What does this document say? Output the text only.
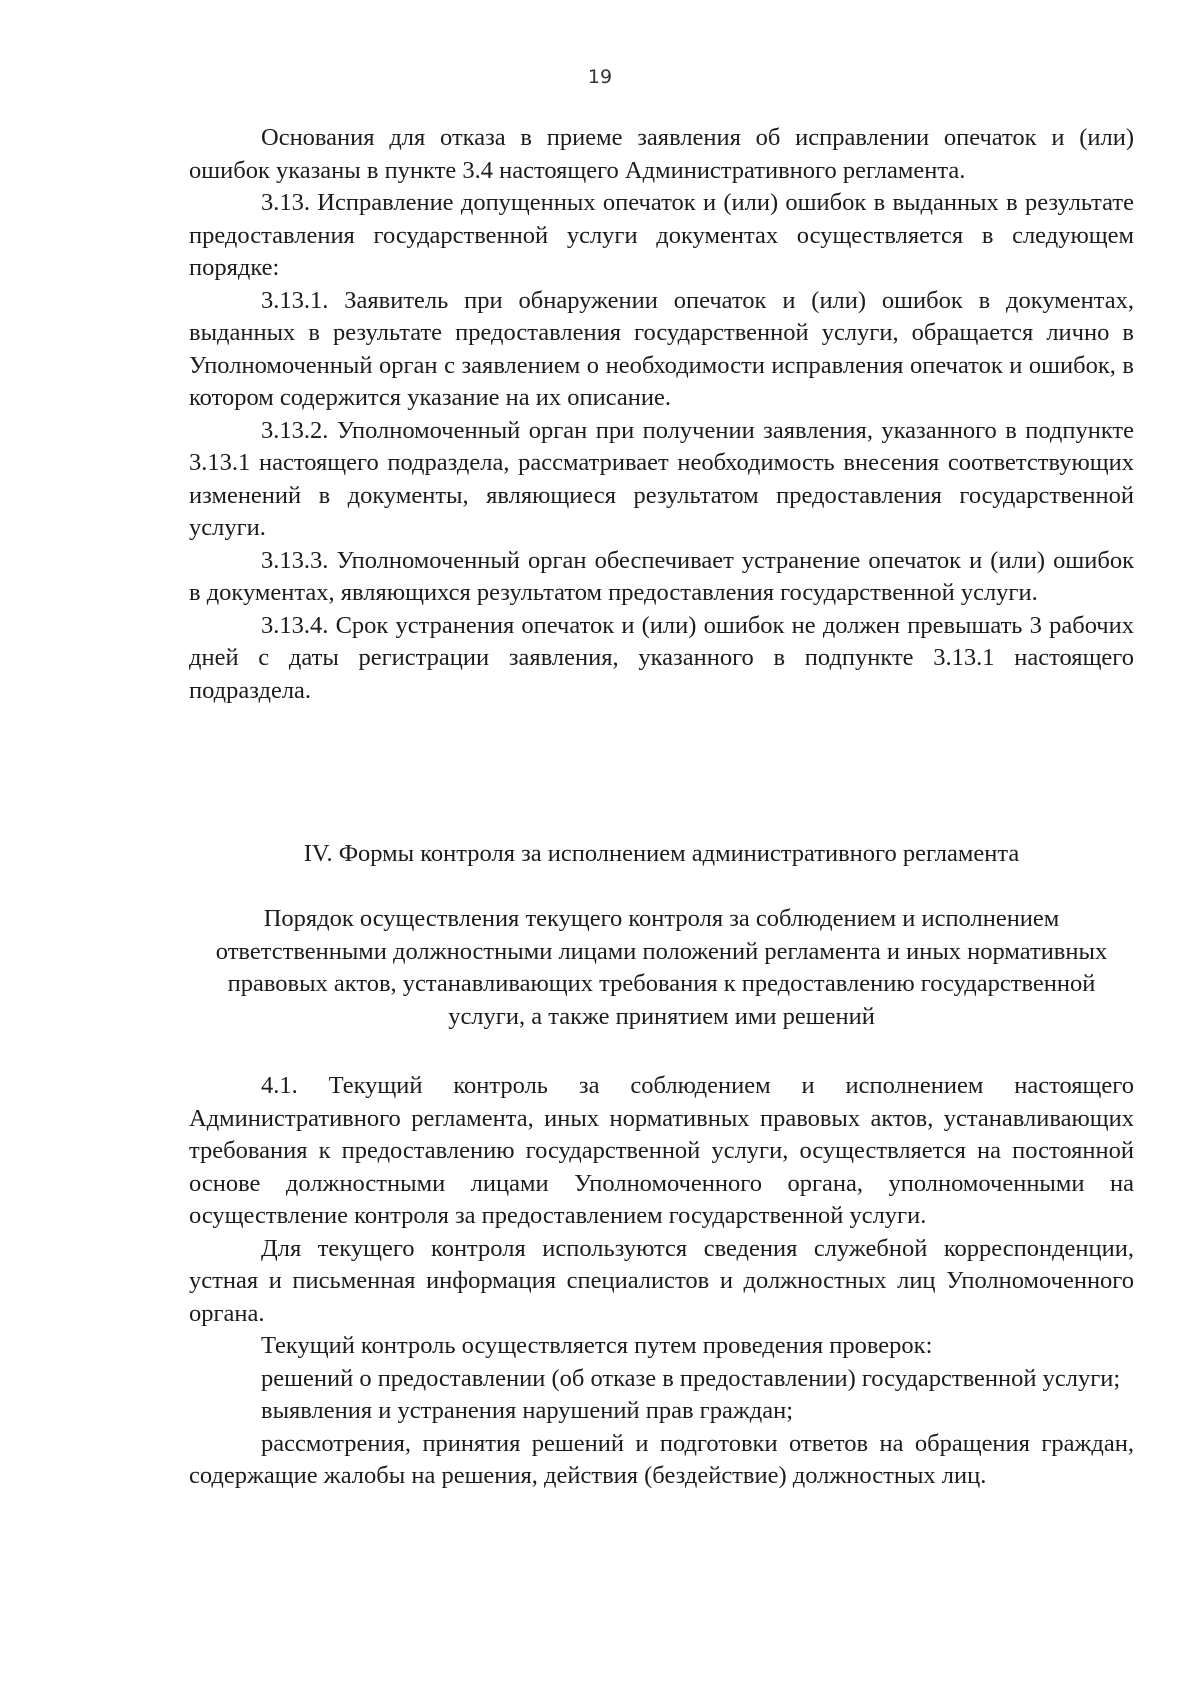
19

Основания для отказа в приеме заявления об исправлении опечаток и (или) ошибок указаны в пункте 3.4 настоящего Административного регламента.

3.13. Исправление допущенных опечаток и (или) ошибок в выданных в результате предоставления государственной услуги документах осуществляется в следующем порядке:

3.13.1. Заявитель при обнаружении опечаток и (или) ошибок в документах, выданных в результате предоставления государственной услуги, обращается лично в Уполномоченный орган с заявлением о необходимости исправления опечаток и ошибок, в котором содержится указание на их описание.

3.13.2. Уполномоченный орган при получении заявления, указанного в подпункте 3.13.1 настоящего подраздела, рассматривает необходимость внесения соответствующих изменений в документы, являющиеся результатом предоставления государственной услуги.

3.13.3. Уполномоченный орган обеспечивает устранение опечаток и (или) ошибок в документах, являющихся результатом предоставления государственной услуги.

3.13.4. Срок устранения опечаток и (или) ошибок не должен превышать 3 рабочих дней с даты регистрации заявления, указанного в подпункте 3.13.1 настоящего подраздела.

IV. Формы контроля за исполнением административного регламента
Порядок осуществления текущего контроля за соблюдением и исполнением ответственными должностными лицами положений регламента и иных нормативных правовых актов, устанавливающих требования к предоставлению государственной услуги, а также принятием ими решений

4.1. Текущий контроль за соблюдением и исполнением настоящего Административного регламента, иных нормативных правовых актов, устанавливающих требования к предоставлению государственной услуги, осуществляется на постоянной основе должностными лицами Уполномоченного органа, уполномоченными на осуществление контроля за предоставлением государственной услуги.

Для текущего контроля используются сведения служебной корреспонденции, устная и письменная информация специалистов и должностных лиц Уполномоченного органа.

Текущий контроль осуществляется путем проведения проверок:

решений о предоставлении (об отказе в предоставлении) государственной услуги;

выявления и устранения нарушений прав граждан;

рассмотрения, принятия решений и подготовки ответов на обращения граждан, содержащие жалобы на решения, действия (бездействие) должностных лиц.
